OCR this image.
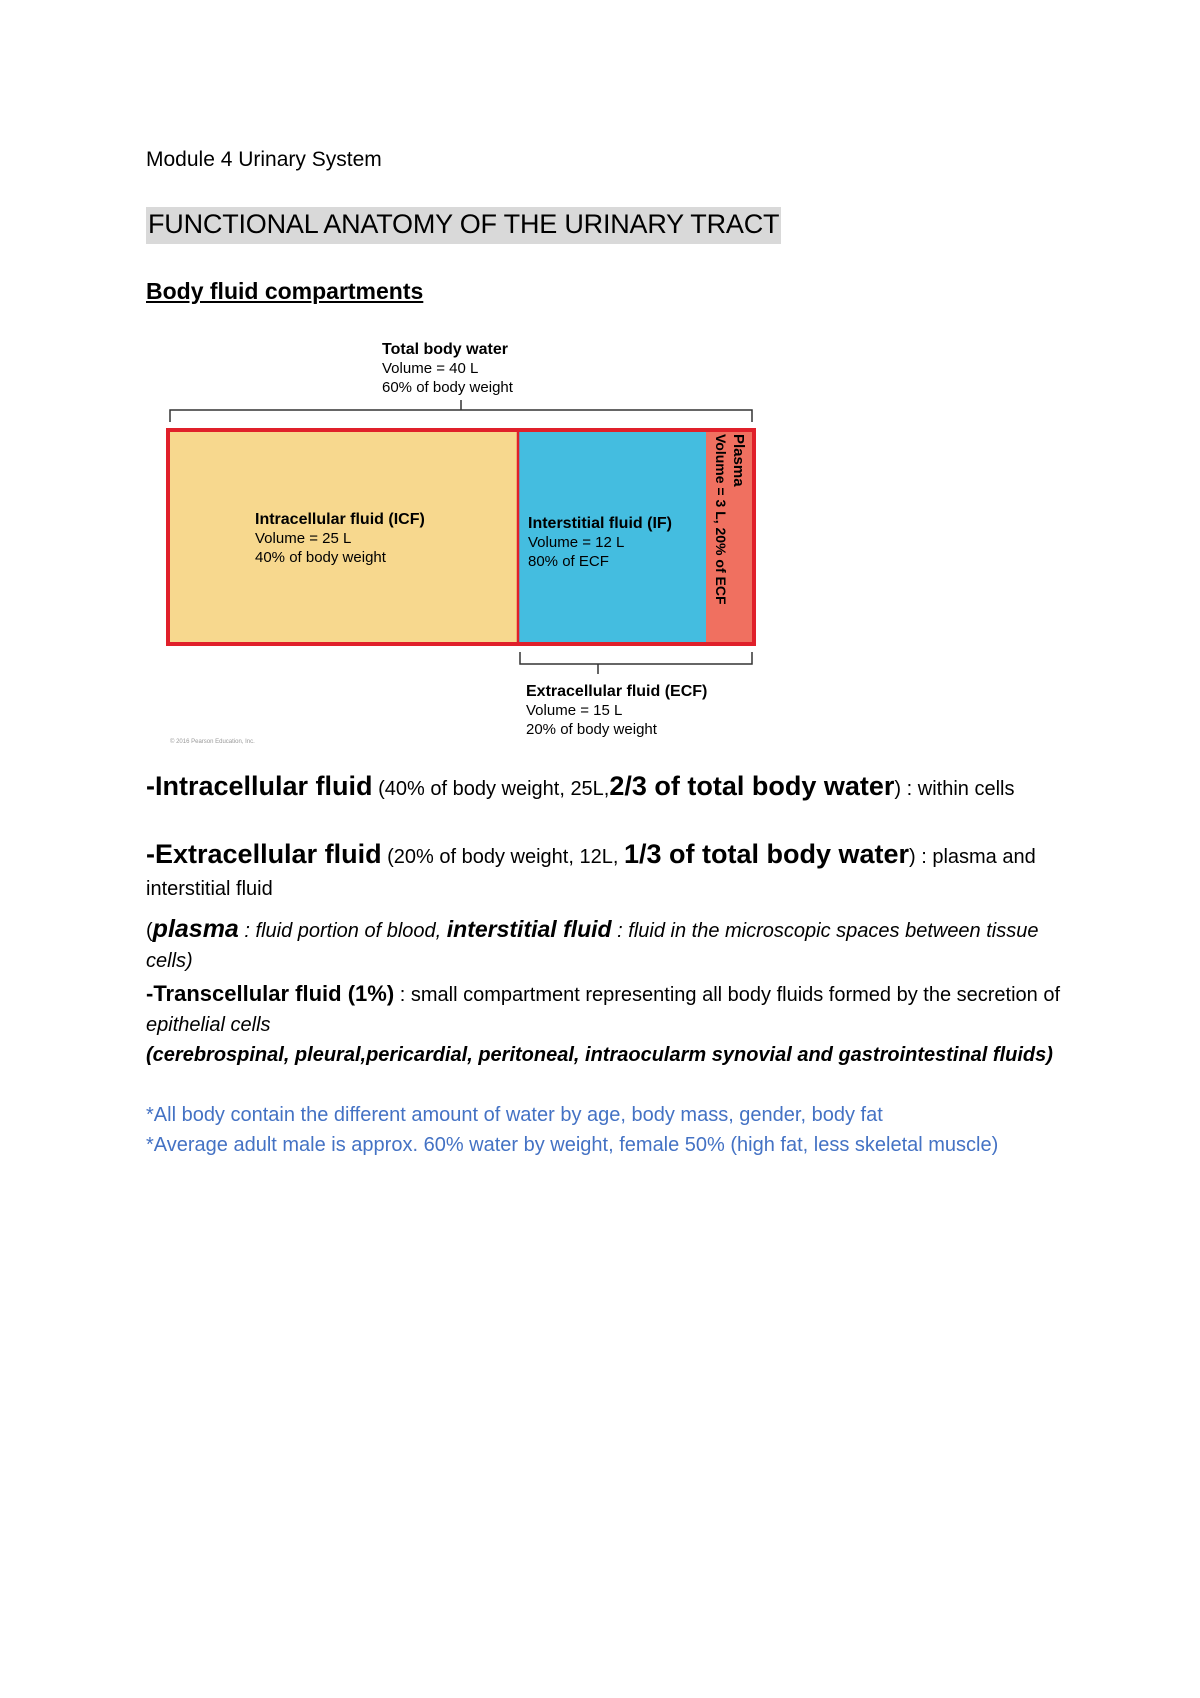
Module 4 Urinary System
FUNCTIONAL ANATOMY OF THE URINARY TRACT
Body fluid compartments
Total body water
Volume = 40 L
60% of body weight
Intracellular fluid (ICF)
Volume = 25 L
40% of body weight
Interstitial fluid (IF)
Volume = 12 L
80% of ECF
Plasma
Volume = 3 L, 20% of ECF
Extracellular fluid (ECF)
Volume = 15 L
20% of body weight
© 2016 Pearson Education, Inc.
-Intracellular fluid (40% of body weight, 25L,2/3 of total body water) : within cells
-Extracellular fluid (20% of body weight, 12L, 1/3 of total body water) : plasma and interstitial fluid
(plasma : fluid portion of blood, interstitial fluid : fluid in the microscopic spaces between tissue cells)
-Transcellular fluid (1%) : small compartment representing all body fluids formed by the secretion of epithelial cells
(cerebrospinal, pleural,pericardial, peritoneal, intraocularm synovial and gastrointestinal fluids)
*All body contain the different amount of water by age, body mass, gender, body fat
*Average adult male is approx. 60% water by weight, female 50% (high fat, less skeletal muscle)
